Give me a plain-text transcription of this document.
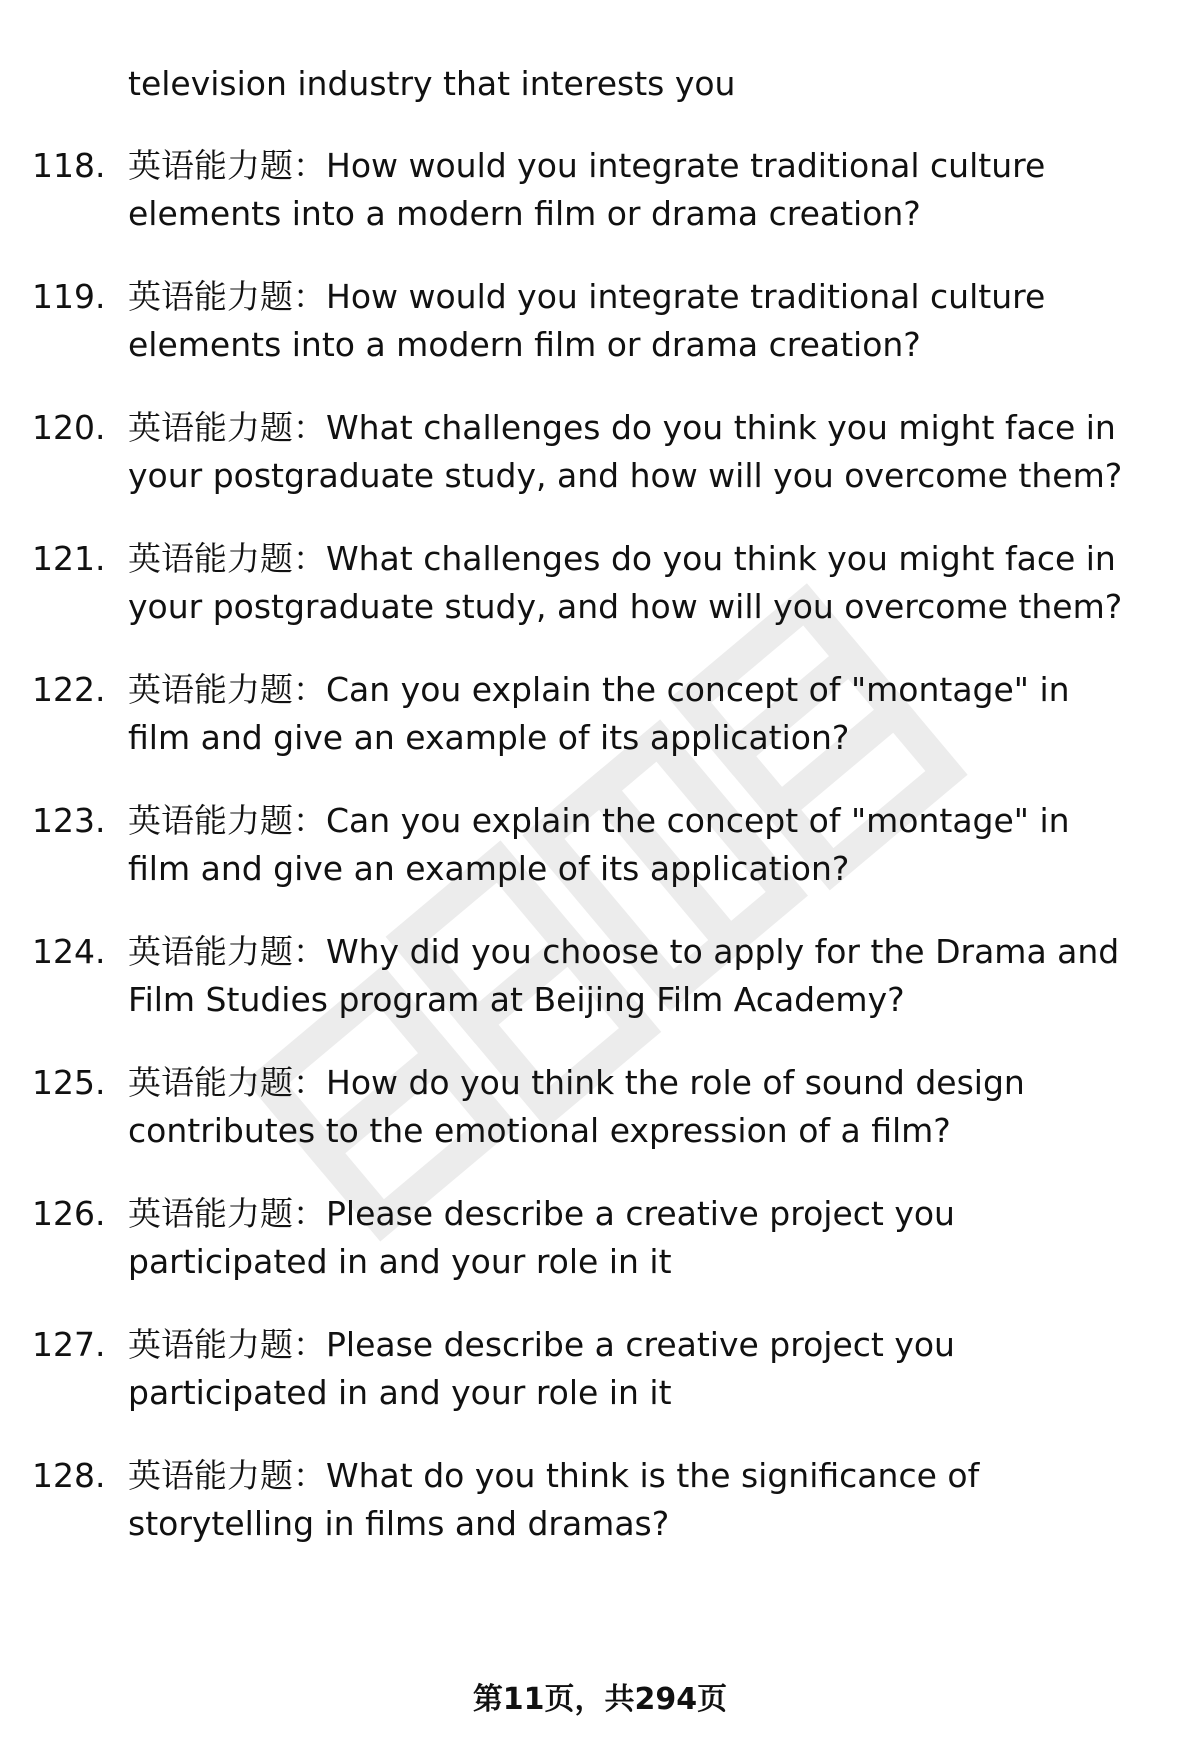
television industry that interests you
118. 英语能力题：How would you integrate traditional culture elements into a modern film or drama creation?
119. 英语能力题：How would you integrate traditional culture elements into a modern film or drama creation?
120. 英语能力题：What challenges do you think you might face in your postgraduate study, and how will you overcome them?
121. 英语能力题：What challenges do you think you might face in your postgraduate study, and how will you overcome them?
122. 英语能力题：Can you explain the concept of "montage" in film and give an example of its application?
123. 英语能力题：Can you explain the concept of "montage" in film and give an example of its application?
124. 英语能力题：Why did you choose to apply for the Drama and Film Studies program at Beijing Film Academy?
125. 英语能力题：How do you think the role of sound design contributes to the emotional expression of a film?
126. 英语能力题：Please describe a creative project you participated in and your role in it
127. 英语能力题：Please describe a creative project you participated in and your role in it
128. 英语能力题：What do you think is the significance of storytelling in films and dramas?
第11页，共294页
